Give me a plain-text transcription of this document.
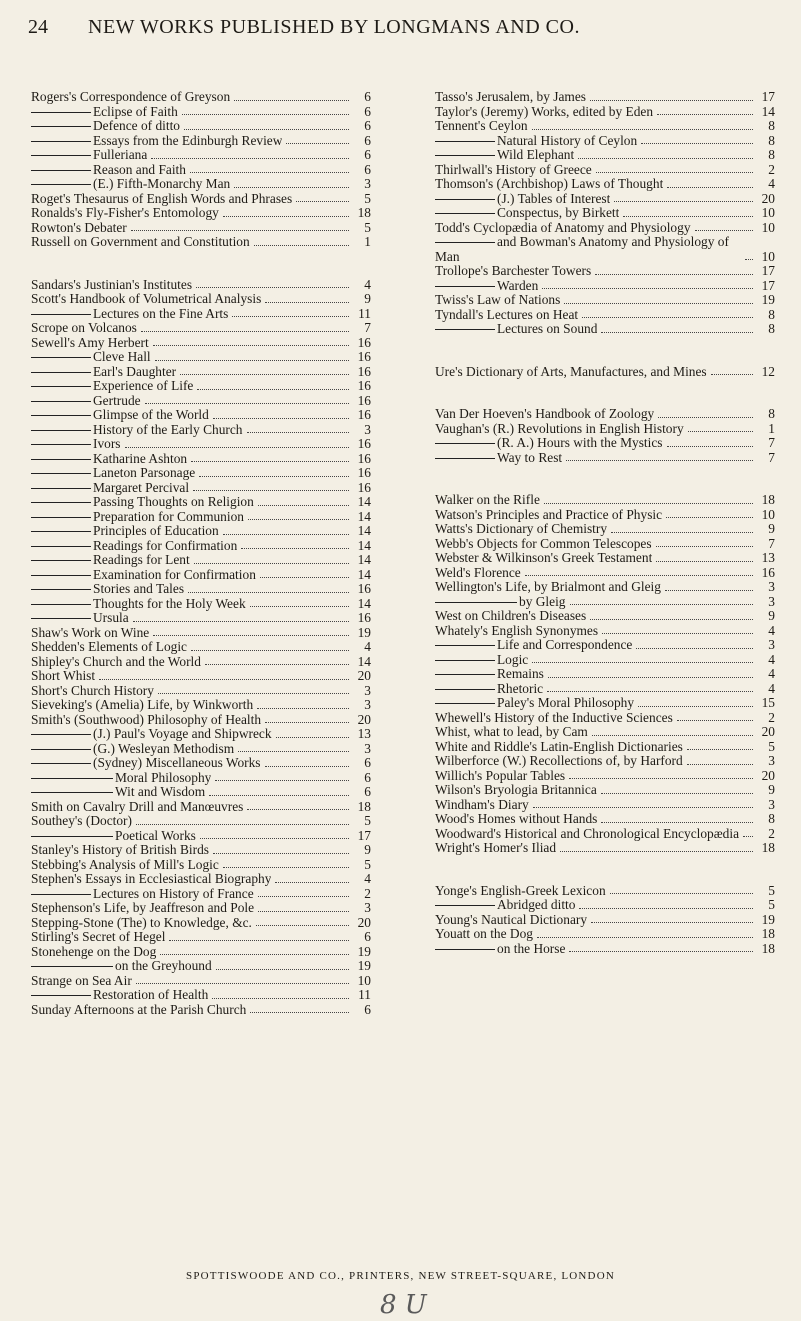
24 NEW WORKS PUBLISHED BY LONGMANS AND CO.
Rogers's Correspondence of Greyson	6
Eclipse of Faith	6
Defence of ditto	6
Essays from the Edinburgh Review	6
Fulleriana	6
Reason and Faith	6
(E.) Fifth-Monarchy Man	3
Roget's Thesaurus of English Words and Phrases	5
Ronalds's Fly-Fisher's Entomology	18
Rowton's Debater	5
Russell on Government and Constitution	1
Sandars's Justinian's Institutes	4
Scott's Handbook of Volumetrical Analysis	9
Lectures on the Fine Arts	11
Scrope on Volcanos	7
Sewell's Amy Herbert	16
Cleve Hall	16
Earl's Daughter	16
Experience of Life	16
Gertrude	16
Glimpse of the World	16
History of the Early Church	3
Ivors	16
Katharine Ashton	16
Laneton Parsonage	16
Margaret Percival	16
Passing Thoughts on Religion	14
Preparation for Communion	14
Principles of Education	14
Readings for Confirmation	14
Readings for Lent	14
Examination for Confirmation	14
Stories and Tales	16
Thoughts for the Holy Week	14
Ursula	16
Shaw's Work on Wine	19
Shedden's Elements of Logic	4
Shipley's Church and the World	14
Short Whist	20
Short's Church History	3
Sieveking's (Amelia) Life, by Winkworth	3
Smith's (Southwood) Philosophy of Health	20
(J.) Paul's Voyage and Shipwreck	13
(G.) Wesleyan Methodism	3
(Sydney) Miscellaneous Works	6
Moral Philosophy	6
Wit and Wisdom	6
Smith on Cavalry Drill and Manœuvres	18
Southey's (Doctor)	5
Poetical Works	17
Stanley's History of British Birds	9
Stebbing's Analysis of Mill's Logic	5
Stephen's Essays in Ecclesiastical Biography	4
Lectures on History of France	2
Stephenson's Life, by Jeaffreson and Pole	3
Stepping-Stone (The) to Knowledge, &c.	20
Stirling's Secret of Hegel	6
Stonehenge on the Dog	19
on the Greyhound	19
Strange on Sea Air	10
Restoration of Health	11
Sunday Afternoons at the Parish Church	6
Tasso's Jerusalem, by James	17
Taylor's (Jeremy) Works, edited by Eden	14
Tennent's Ceylon	8
Natural History of Ceylon	8
Wild Elephant	8
Thirlwall's History of Greece	2
Thomson's (Archbishop) Laws of Thought	4
(J.) Tables of Interest	20
Conspectus, by Birkett	10
Todd's Cyclopædia of Anatomy and Physiology	10
and Bowman's Anatomy and Physiology of Man	10
Trollope's Barchester Towers	17
Warden	17
Twiss's Law of Nations	19
Tyndall's Lectures on Heat	8
Lectures on Sound	8
Ure's Dictionary of Arts, Manufactures, and Mines	12
Van Der Hoeven's Handbook of Zoology	8
Vaughan's (R.) Revolutions in English History	1
(R. A.) Hours with the Mystics	7
Way to Rest	7
Walker on the Rifle	18
Watson's Principles and Practice of Physic	10
Watts's Dictionary of Chemistry	9
Webb's Objects for Common Telescopes	7
Webster & Wilkinson's Greek Testament	13
Weld's Florence	16
Wellington's Life, by Brialmont and Gleig	3
by Gleig	3
West on Children's Diseases	9
Whately's English Synonymes	4
Life and Correspondence	3
Logic	4
Remains	4
Rhetoric	4
Paley's Moral Philosophy	15
Whewell's History of the Inductive Sciences	2
Whist, what to lead, by Cam	20
White and Riddle's Latin-English Dictionaries	5
Wilberforce (W.) Recollections of, by Harford	3
Willich's Popular Tables	20
Wilson's Bryologia Britannica	9
Windham's Diary	3
Wood's Homes without Hands	8
Woodward's Historical and Chronological Encyclopædia	2
Wright's Homer's Iliad	18
Yonge's English-Greek Lexicon	5
Abridged ditto	5
Young's Nautical Dictionary	19
Youatt on the Dog	18
on the Horse	18
SPOTTISWOODE AND CO., PRINTERS, NEW STREET-SQUARE, LONDON
8 U
